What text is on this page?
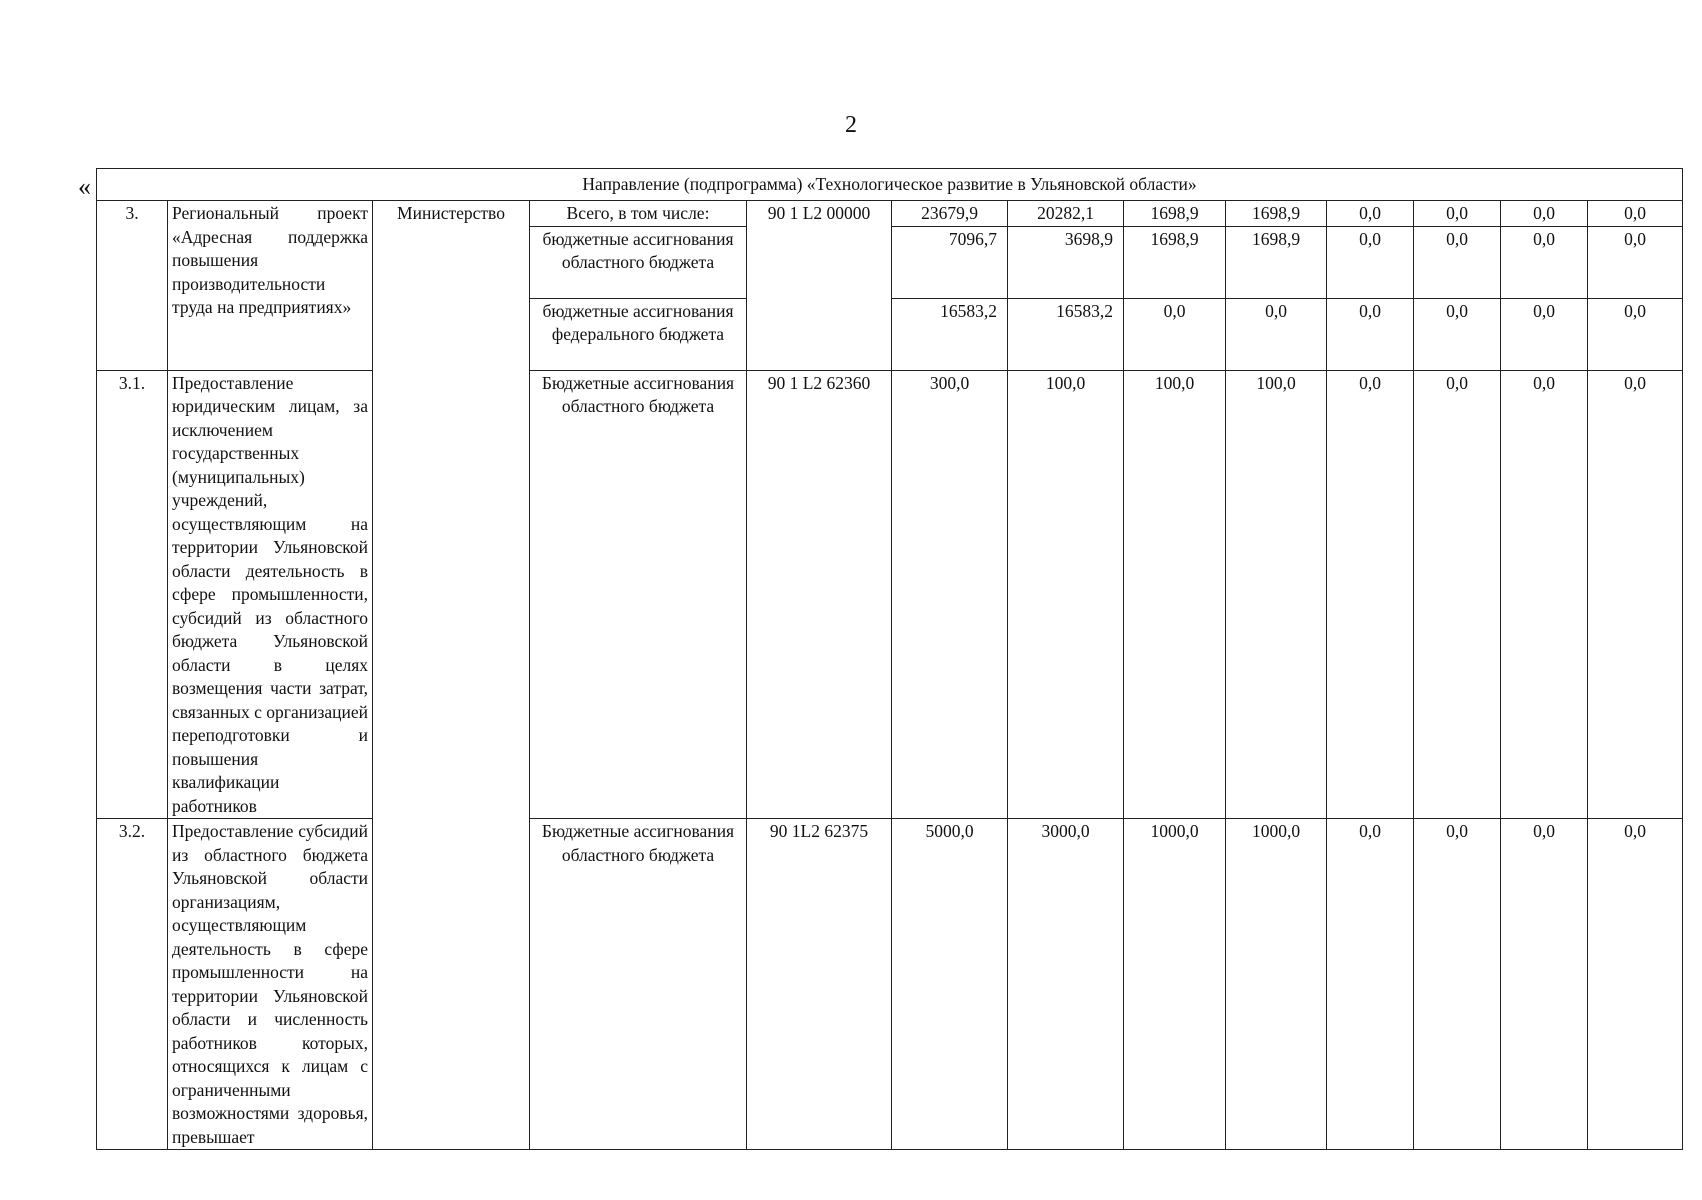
2
«	Направление (подпрограмма) «Технологическое развитие в Ульяновской области»												
3.	Региональный проект «Адресная поддержка повышения производительности труда на предприятиях»	Министерство	Всего, в том числе:	90 1 L2 00000	23679,9	20282,1	1698,9	1698,9	0,0	0,0	0,0	0,0
			бюджетные ассигнования областного бюджета		7096,7	3698,9	1698,9	1698,9	0,0	0,0	0,0	0,0
			бюджетные ассигнования федерального бюджета		16583,2	16583,2	0,0	0,0	0,0	0,0	0,0	0,0
3.1.	Предоставление юридическим лицам, за исключением государственных (муниципальных) учреждений, осуществляющим на территории Ульяновской области деятельность в сфере промышленности, субсидий из областного бюджета Ульяновской области в целях возмещения части затрат, связанных с организацией переподготовки и повышения квалификации работников		Бюджетные ассигнования областного бюджета	90 1 L2 62360	300,0	100,0	100,0	100,0	0,0	0,0	0,0	0,0
3.2.	Предоставление субсидий из областного бюджета Ульяновской области организациям, осуществляющим деятельность в сфере промышленности на территории Ульяновской области и численность работников которых, относящихся к лицам с ограниченными возможностями здоровья, превышает		Бюджетные ассигнования областного бюджета	90 1L2 62375	5000,0	3000,0	1000,0	1000,0	0,0	0,0	0,0	0,0
